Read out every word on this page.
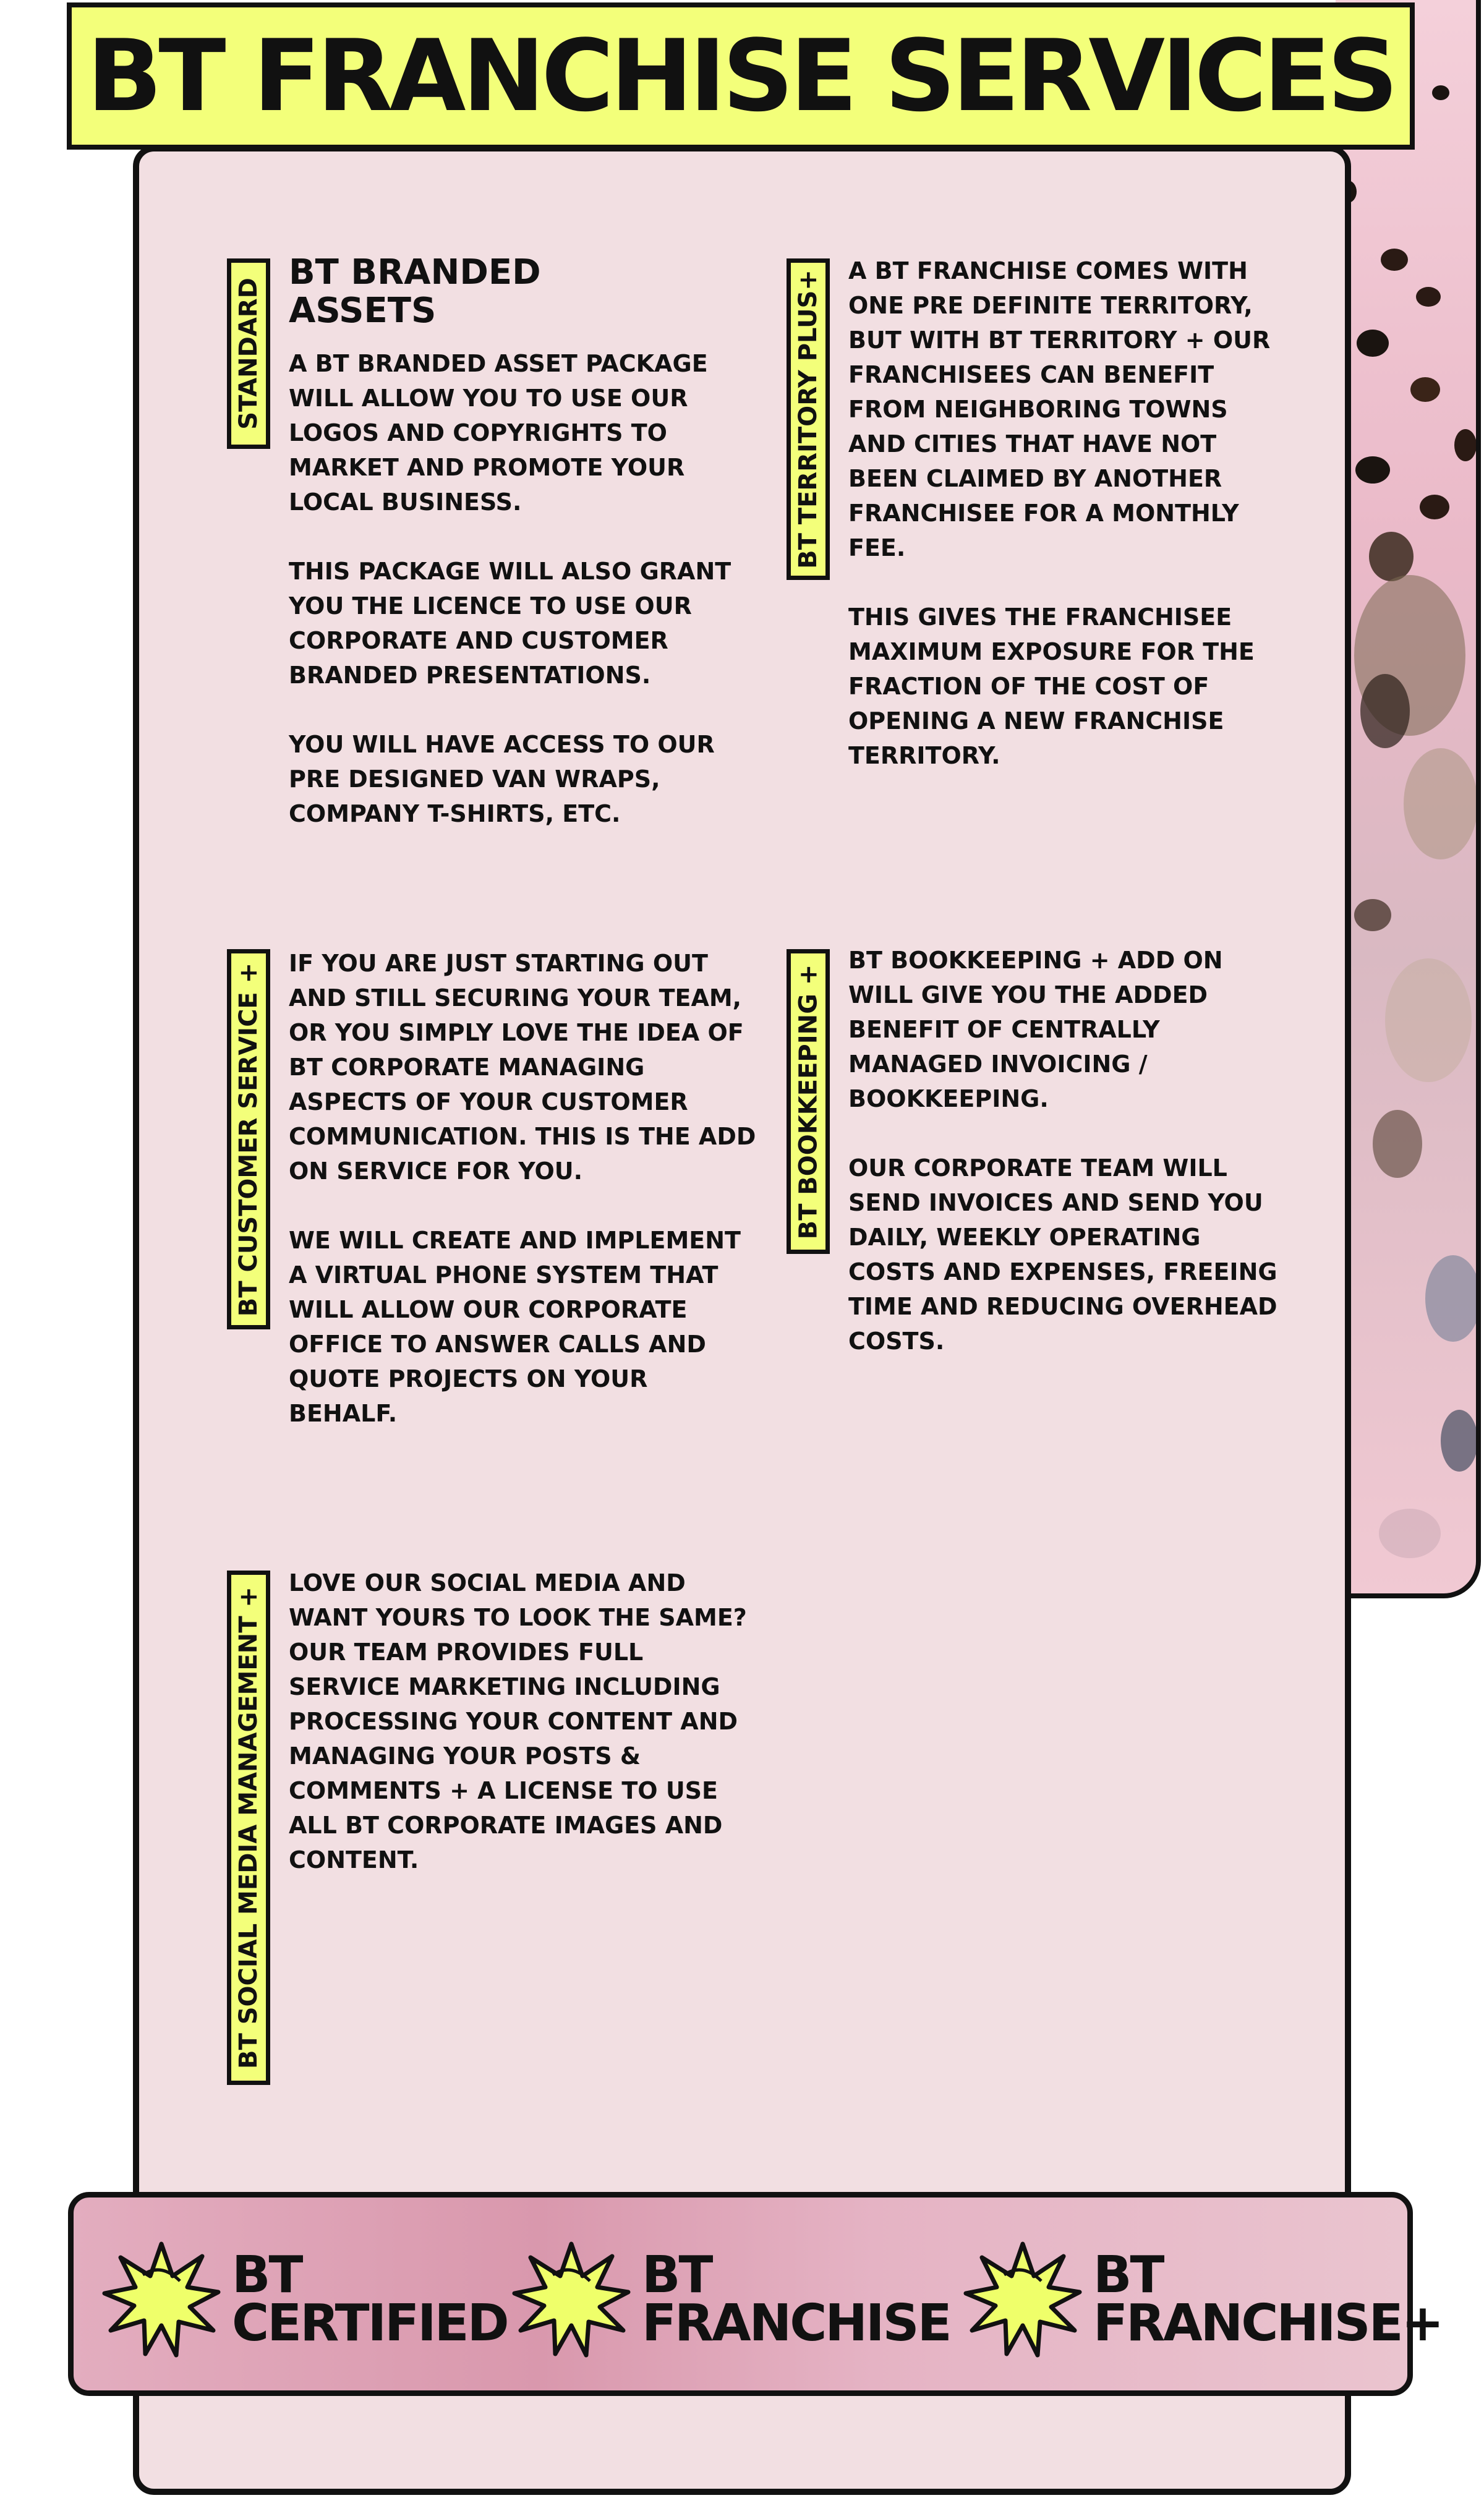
BT FRANCHISE SERVICES
STANDARD
BT BRANDED ASSETS

A BT BRANDED ASSET PACKAGE WILL ALLOW YOU TO USE OUR LOGOS AND COPYRIGHTS TO MARKET AND PROMOTE YOUR LOCAL BUSINESS.

THIS PACKAGE WILL ALSO GRANT YOU THE LICENCE TO USE OUR CORPORATE AND CUSTOMER BRANDED PRESENTATIONS.

YOU WILL HAVE ACCESS TO OUR PRE DESIGNED VAN WRAPS, COMPANY T-SHIRTS, ETC.

BT TERRITORY PLUS+ A BT FRANCHISE COMES WITH ONE PRE DEFINITE TERRITORY, BUT WITH BT TERRITORY + OUR FRANCHISEES CAN BENEFIT FROM NEIGHBORING TOWNS AND CITIES THAT HAVE NOT BEEN CLAIMED BY ANOTHER FRANCHISEE FOR A MONTHLY FEE.

THIS GIVES THE FRANCHISEE MAXIMUM EXPOSURE FOR THE FRACTION OF THE COST OF OPENING A NEW FRANCHISE TERRITORY.

BT CUSTOMER SERVICE + IF YOU ARE JUST STARTING OUT AND STILL SECURING YOUR TEAM, OR YOU SIMPLY LOVE THE IDEA OF BT CORPORATE MANAGING ASPECTS OF YOUR CUSTOMER COMMUNICATION. THIS IS THE ADD ON SERVICE FOR YOU.

WE WILL CREATE AND IMPLEMENT A VIRTUAL PHONE SYSTEM THAT WILL ALLOW OUR CORPORATE OFFICE TO ANSWER CALLS AND QUOTE PROJECTS ON YOUR BEHALF.

BT BOOKKEEPING +

BT BOOKKEEPING + ADD ON WILL GIVE YOU THE ADDED BENEFIT OF CENTRALLY MANAGED INVOICING / BOOKKEEPING.

OUR CORPORATE TEAM WILL SEND INVOICES AND SEND YOU DAILY, WEEKLY OPERATING COSTS AND EXPENSES, FREEING TIME AND REDUCING OVERHEAD COSTS.

BT SOCIAL MEDIA MANAGEMENT +

LOVE OUR SOCIAL MEDIA AND WANT YOURS TO LOOK THE SAME? OUR TEAM PROVIDES FULL SERVICE MARKETING INCLUDING PROCESSING YOUR CONTENT AND MANAGING YOUR POSTS & COMMENTS + A LICENSE TO USE ALL BT CORPORATE IMAGES AND CONTENT.

BT
CERTIFIED
BT
FRANCHISE
BT
FRANCHISE+
